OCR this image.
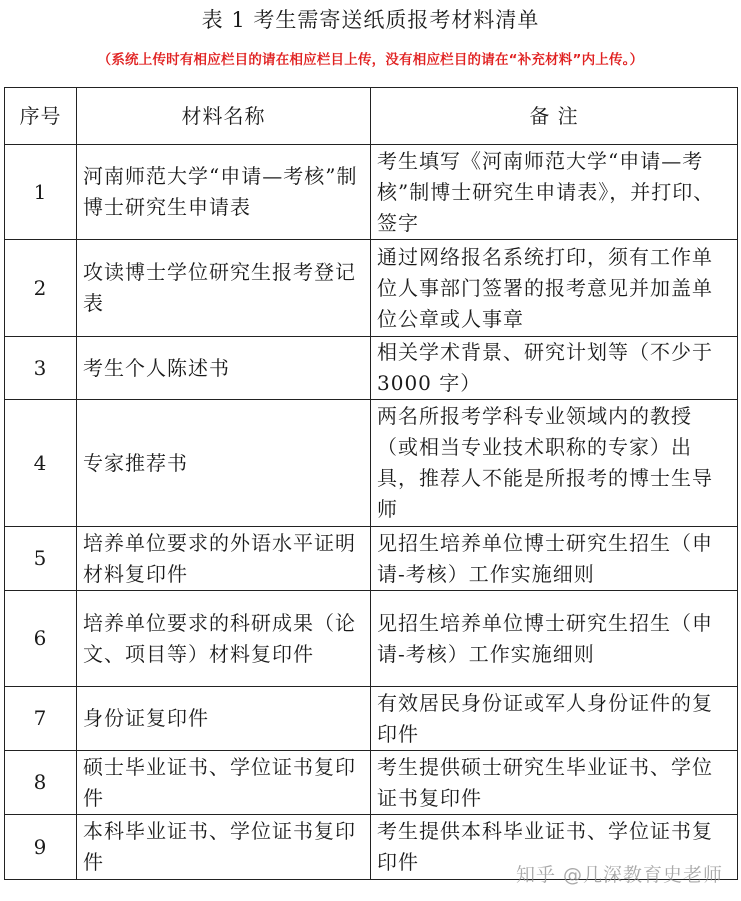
表 1 考生需寄送纸质报考材料清单
（系统上传时有相应栏目的请在相应栏目上传，没有相应栏目的请在“补充材料”内上传。）
序号	材料名称	备 注
1	河南师范大学“申请—考核”制博士研究生申请表	考生填写《河南师范大学“申请—考核”制博士研究生申请表》，并打印、签字
2	攻读博士学位研究生报考登记表	通过网络报名系统打印，须有工作单位人事部门签署的报考意见并加盖单位公章或人事章
3	考生个人陈述书	相关学术背景、研究计划等（不少于 3000 字）
4	专家推荐书	两名所报考学科专业领域内的教授（或相当专业技术职称的专家）出具，推荐人不能是所报考的博士生导师
5	培养单位要求的外语水平证明材料复印件	见招生培养单位博士研究生招生（申请-考核）工作实施细则
6	培养单位要求的科研成果（论文、项目等）材料复印件	见招生培养单位博士研究生招生（申请-考核）工作实施细则
7	身份证复印件	有效居民身份证或军人身份证件的复印件
8	硕士毕业证书、学位证书复印件	考生提供硕士研究生毕业证书、学位证书复印件
9	本科毕业证书、学位证书复印件	考生提供本科毕业证书、学位证书复印件
知乎 @几深教育史老师
